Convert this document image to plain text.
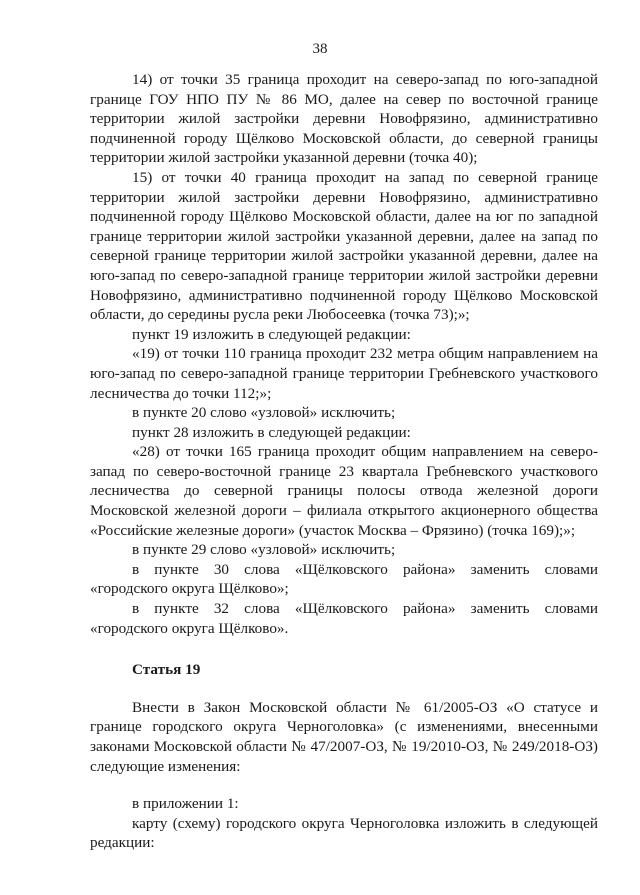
38

14) от точки 35 граница проходит на северо-запад по юго-западной границе ГОУ НПО ПУ № 86 МО, далее на север по восточной границе территории жилой застройки деревни Новофрязино, административно подчиненной городу Щёлково Московской области, до северной границы территории жилой застройки указанной деревни (точка 40);

15) от точки 40 граница проходит на запад по северной границе территории жилой застройки деревни Новофрязино, административно подчиненной городу Щёлково Московской области, далее на юг по западной границе территории жилой застройки указанной деревни, далее на запад по северной границе территории жилой застройки указанной деревни, далее на юго-запад по северо-западной границе территории жилой застройки деревни Новофрязино, административно подчиненной городу Щёлково Московской области, до середины русла реки Любосеевка (точка 73);»;

пункт 19 изложить в следующей редакции:

«19) от точки 110 граница проходит 232 метра общим направлением на юго-запад по северо-западной границе территории Гребневского участкового лесничества до точки 112;»;

в пункте 20 слово «узловой» исключить;

пункт 28 изложить в следующей редакции:

«28) от точки 165 граница проходит общим направлением на северо-запад по северо-восточной границе 23 квартала Гребневского участкового лесничества до северной границы полосы отвода железной дороги Московской железной дороги – филиала открытого акционерного общества «Российские железные дороги» (участок Москва – Фрязино) (точка 169);»;

в пункте 29 слово «узловой» исключить;

в пункте 30 слова «Щёлковского района» заменить словами «городского округа Щёлково»;

в пункте 32 слова «Щёлковского района» заменить словами «городского округа Щёлково».

Статья 19

Внести в Закон Московской области № 61/2005-ОЗ «О статусе и границе городского округа Черноголовка» (с изменениями, внесенными законами Московской области № 47/2007-ОЗ, № 19/2010-ОЗ, № 249/2018-ОЗ) следующие изменения:

в приложении 1:

карту (схему) городского округа Черноголовка изложить в следующей редакции:
